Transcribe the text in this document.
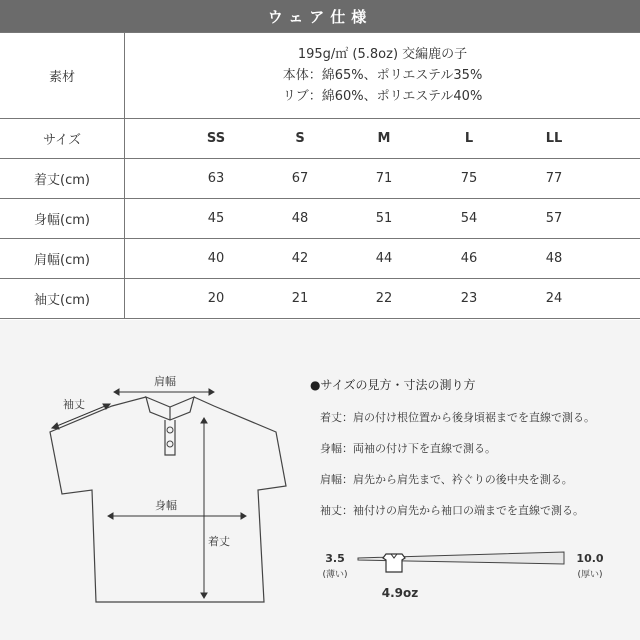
ウェア仕様
素材	195g/㎡ (5.8oz) 交編鹿の子
本体：綿65%、ポリエステル35%
リブ：綿60%、ポリエステル40%

サイズ	SS S M L LL

着丈(cm)	63 67 71 75 77

身幅(cm)	45 48 51 54 57

肩幅(cm)	40 42 44 46 48

袖丈(cm)	20 21 22 23 24
肩幅
袖丈
身幅
着丈
●サイズの見方・寸法の測り方
着丈：肩の付け根位置から後身頃裾までを直線で測る。
身幅：両袖の付け下を直線で測る。
肩幅：肩先から肩先まで、衿ぐりの後中央を測る。
袖丈：袖付けの肩先から袖口の端までを直線で測る。
3.5
(薄い)
10.0
(厚い)
4.9oz
